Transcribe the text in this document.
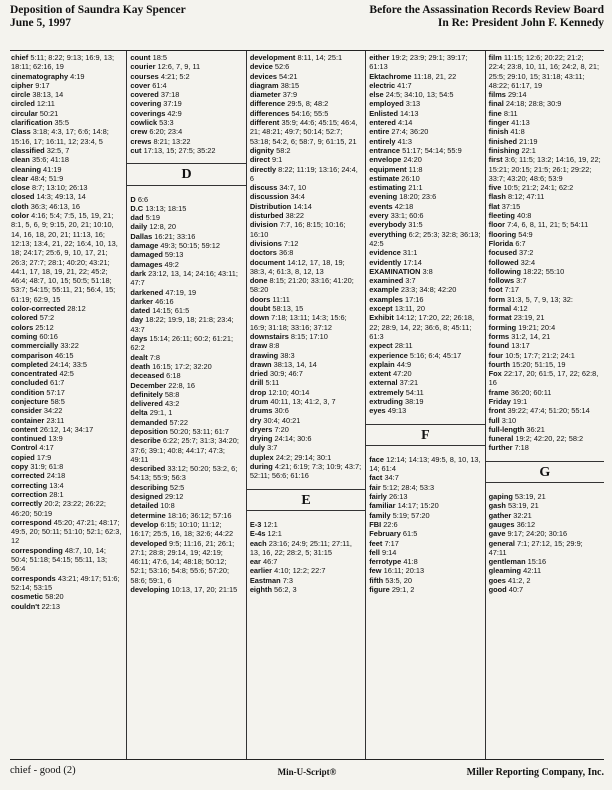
Deposition of Saundra Kay Spencer
June 5, 1997
Before the Assassination Records Review Board
In Re: President John F. Kennedy
chief 5:11; 8:22; 9:13; 16:9, 13; 18:11; 62:16, 19
cinematography 4:19
cipher 9:17
circle 38:13, 14
circled 12:11
circular 50:21
clarification 35:5
Class 3:18; 4:3, 17; 6:6; 14:8; 15:16, 17; 16:11, 12; 23:4, 5
classified 32:5, 7
clean 35:6; 41:18
cleaning 41:19
clear 48:4; 51:9
close 8:7; 13:10; 26:13
closed 14:3; 49:13, 14
cloth 36:3; 46:13, 16
color 4:16; 5:4; 7:5, 15, 19, 21; 8:1, 5, 6, 9; 9:15, 20, 21; 10:10, 14, 16, 18, 20, 21; 11:13, 16; 12:13; 13:4, 21, 22; 16:4, 10, 13, 18; 24:17; 25:6, 9, 10, 17, 21; 26:3; 27:7; 28:1; 40:20; 43:21; 44:1, 17, 18, 19, 21, 22; 45:2; 46:4; 48:7, 10, 15; 50:5; 51:18; 53:7; 54:15; 55:11, 21; 56:4, 15; 61:19; 62:9, 15
color-corrected 28:12
colored 57:2
colors 25:12
coming 60:16
commercially 33:22
comparison 46:15
completed 24:14; 33:5
concentrated 42:5
concluded 61:7
condition 57:17
conjecture 58:5
consider 34:22
container 23:11
content 26:12, 14; 34:17
continued 13:9
Control 4:17
copied 17:9
copy 31:9; 61:8
corrected 24:18
correcting 13:4
correction 28:1
correctly 20:2; 23:22; 26:22; 46:20; 50:19
correspond 45:20; 47:21; 48:17; 49:5, 20; 50:11; 51:10; 52:1; 62:3, 12
corresponding 48:7, 10, 14; 50:4; 51:18; 54:15; 55:11, 13; 56:4
corresponds 43:21; 49:17; 51:6; 52:14; 53:15
cosmetic 58:20
couldn't 22:13
count 18:5
courier 12:6, 7, 9, 11
courses 4:21; 5:2
cover 61:4
covered 37:18
covering 37:19
coverings 42:9
cowlick 53:3
crew 6:20; 23:4
crews 8:21; 13:22
cut 17:13, 15; 27:5; 35:22
D
D 6:6
D.C 13:13; 18:15
dad 5:19
daily 12:8, 20
Dallas 16:21; 33:16
damage 49:3; 50:15; 59:12
damaged 59:13
damages 49:2
dark 23:12, 13, 14; 24:16; 43:11; 47:7
darkened 47:19, 19
darker 46:16
dated 14:15; 61:5
day 18:22; 19:9, 18; 21:8; 23:4; 43:7
days 15:14; 26:11; 60:2; 61:21; 62:2
dealt 7:8
death 16:15; 17:2; 32:20
deceased 6:18
December 22:8, 16
definitely 58:8
delivered 43:2
delta 29:1, 1
demanded 57:22
deposition 50:20; 53:11; 61:7
describe 6:22; 25:7; 31:3; 34:20; 37:6; 39:1; 40:8; 44:17; 47:3; 49:11
described 33:12; 50:20; 53:2, 6; 54:13; 55:9; 56:3
describing 52:5
designed 29:12
detailed 10:8
determine 18:16; 36:12; 57:16
develop 6:15; 10:10; 11:12; 16:17; 25:5, 16, 18; 32:6; 44:22
developed 9:5; 11:16, 21; 26:1; 27:1; 28:8; 29:14, 19; 42:19; 46:11; 47:6, 14; 48:18; 50:12; 52:1; 53:16; 54:8; 55:6; 57:20; 58:6; 59:1, 6
developing 10:13, 17, 20; 21:15
development 8:11, 14; 25:1
device 52:6
devices 54:21
diagram 38:15
diameter 37:9
difference 29:5, 8; 48:2
differences 54:16; 55:5
different 35:9; 44:6; 45:15; 46:4, 21; 48:21; 49:7; 50:14; 52:7; 53:18; 54:2, 6; 58:7, 9; 61:15, 21
dignity 58:2
direct 9:1
directly 8:22; 11:19; 13:16; 24:4, 6
discuss 34:7, 10
discussion 34:4
Distribution 14:14
disturbed 38:22
division 7:7, 16; 8:15; 10:16; 16:10
divisions 7:12
doctors 36:8
document 14:12, 17, 18, 19; 38:3, 4; 61:3, 8, 12, 13
done 8:15; 21:20; 33:16; 41:20; 58:20
doors 11:11
doubt 58:13, 15
down 7:18; 13:11; 14:3; 15:6; 16:9; 31:18; 33:16; 37:12
downstairs 8:15; 17:10
draw 8:8
drawing 38:3
drawn 38:13, 14, 14
dried 30:9; 46:7
drill 5:11
drop 12:10; 40:14
drum 40:11, 13; 41:2, 3, 7
drums 30:6
dry 30:4; 40:21
dryers 7:20
drying 24:14; 30:6
duly 3:7
duplex 24:2; 29:14; 30:1
during 4:21; 6:19; 7:3; 10:9; 43:7; 52:11; 56:6; 61:16
E
E-3 12:1
E-4s 12:1
each 23:16; 24:9; 25:11; 27:11, 13, 16, 22; 28:2, 5; 31:15
ear 46:7
earlier 4:10; 12:2; 22:7
Eastman 7:3
eighth 56:2, 3
either 19:2; 23:9; 29:1; 39:17; 61:13
Ektachrome 11:18, 21, 22
electric 41:7
else 24:5; 34:10, 13; 54:5
employed 3:13
Enlisted 14:13
entered 4:14
entire 27:4; 36:20
entirely 41:3
entrance 51:17; 54:14; 55:9
envelope 24:20
equipment 11:8
estimate 26:10
estimating 21:1
evening 18:20; 23:6
events 42:18
every 33:1; 60:6
everybody 31:5
everything 6:2; 25:3; 32:8; 36:13; 42:5
evidence 31:1
evidently 17:14
EXAMINATION 3:8
examined 3:7
example 23:3; 34:8; 42:20
examples 17:16
except 13:11, 20
Exhibit 14:12; 17:20, 22; 26:18, 22; 28:9, 14, 22; 36:6, 8; 45:11; 61:3
expect 28:11
experience 5:16; 6:4; 45:17
explain 44:9
extent 47:20
external 37:21
extremely 54:11
extruding 38:19
eyes 49:13
F
face 12:14; 14:13; 49:5, 8, 10, 13, 14; 61:4
fact 34:7
fair 5:12; 28:4; 53:3
fairly 26:13
familiar 14:17; 15:20
family 5:19; 57:20
FBI 22:6
February 61:5
feet 7:17
fell 9:14
ferrotype 41:8
few 16:11; 20:13
fifth 53:5, 20
figure 29:1, 2
film 11:15; 12:6; 20:22; 21:2; 22:4; 23:8, 10, 11, 16; 24:2, 8, 21; 25:5; 29:10, 15; 31:18; 43:11; 48:22; 61:17, 19
films 29:14
final 24:18; 28:8; 30:9
fine 8:11
finger 41:13
finish 41:8
finished 21:19
finishing 22:1
first 3:6; 11:5; 13:2; 14:16, 19, 22; 15:21; 20:15; 21:5; 26:1; 29:22; 33:7; 43:20; 48:6; 53:9
five 10:5; 21:2; 24:1; 62:2
flash 8:12; 47:11
flat 37:15
fleeting 40:8
floor 7:4, 6, 8, 11, 21; 5; 54:11
flooring 54:9
Florida 6:7
focused 37:2
followed 32:4
following 18:22; 55:10
follows 3:7
foot 7:17
form 31:3, 5, 7, 9, 13; 32:
formal 4:12
format 23:19, 21
forming 19:21; 20:4
forms 31:2, 14, 21
found 13:17
four 10:5; 17:7; 21:2; 24:1
fourth 15:20; 51:15, 19
Fox 22:17, 20; 61:5, 17, 22; 62:8, 16
frame 36:20; 60:11
Friday 19:1
front 39:22; 47:4; 51:20; 55:14
full 3:10
full-length 36:21
funeral 19:2; 42:20, 22; 58:2
further 7:18
G
gaping 53:19, 21
gash 53:19, 21
gather 32:21
gauges 36:12
gave 9:17; 24:20; 30:16
general 7:1; 27:12, 15; 29:9; 47:11
gentleman 15:16
gleaming 42:11
goes 41:2, 2
good 40:7
chief - good (2)	Min-U-Script®	Miller Reporting Company, Inc.
